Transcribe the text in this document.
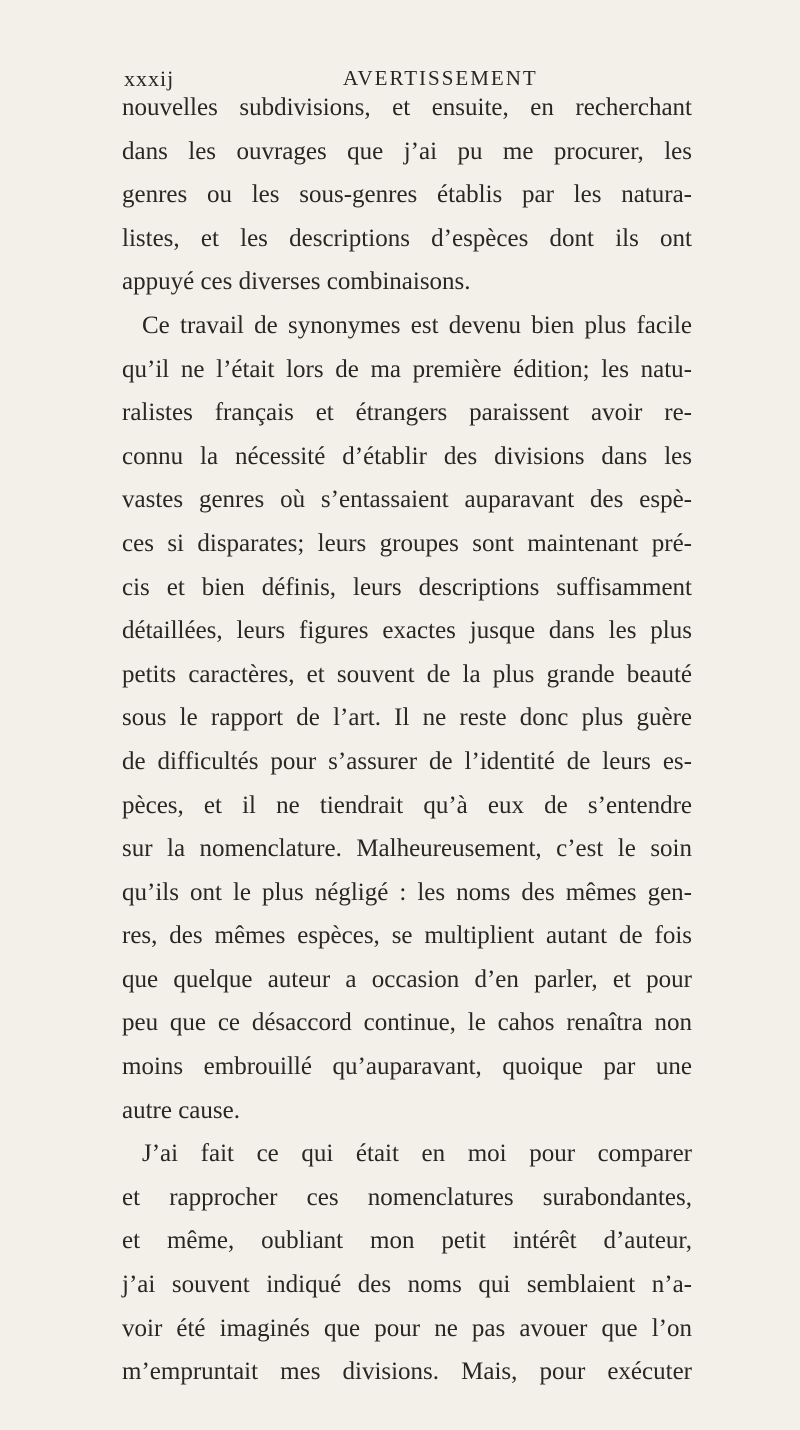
xxxij	AVERTISSEMENT
nouvelles subdivisions, et ensuite, en recherchant
dans les ouvrages que j’ai pu me procurer, les
genres ou les sous-genres établis par les natura-
listes, et les descriptions d’espèces dont ils ont
appuyé ces diverses combinaisons.
Ce travail de synonymes est devenu bien plus facile
qu’il ne l’était lors de ma première édition; les natu-
ralistes français et étrangers paraissent avoir re-
connu la nécessité d’établir des divisions dans les
vastes genres où s’entassaient auparavant des espè-
ces si disparates; leurs groupes sont maintenant pré-
cis et bien définis, leurs descriptions suffisamment
détaillées, leurs figures exactes jusque dans les plus
petits caractères, et souvent de la plus grande beauté
sous le rapport de l’art. Il ne reste donc plus guère
de difficultés pour s’assurer de l’identité de leurs es-
pèces, et il ne tiendrait qu’à eux de s’entendre
sur la nomenclature. Malheureusement, c’est le soin
qu’ils ont le plus négligé : les noms des mêmes gen-
res, des mêmes espèces, se multiplient autant de fois
que quelque auteur a occasion d’en parler, et pour
peu que ce désaccord continue, le cahos renaîtra non
moins embrouillé qu’auparavant, quoique par une
autre cause.
J’ai fait ce qui était en moi pour comparer
et rapprocher ces nomenclatures surabondantes,
et même, oubliant mon petit intérêt d’auteur,
j’ai souvent indiqué des noms qui semblaient n’a-
voir été imaginés que pour ne pas avouer que l’on
m’empruntait mes divisions. Mais, pour exécuter
